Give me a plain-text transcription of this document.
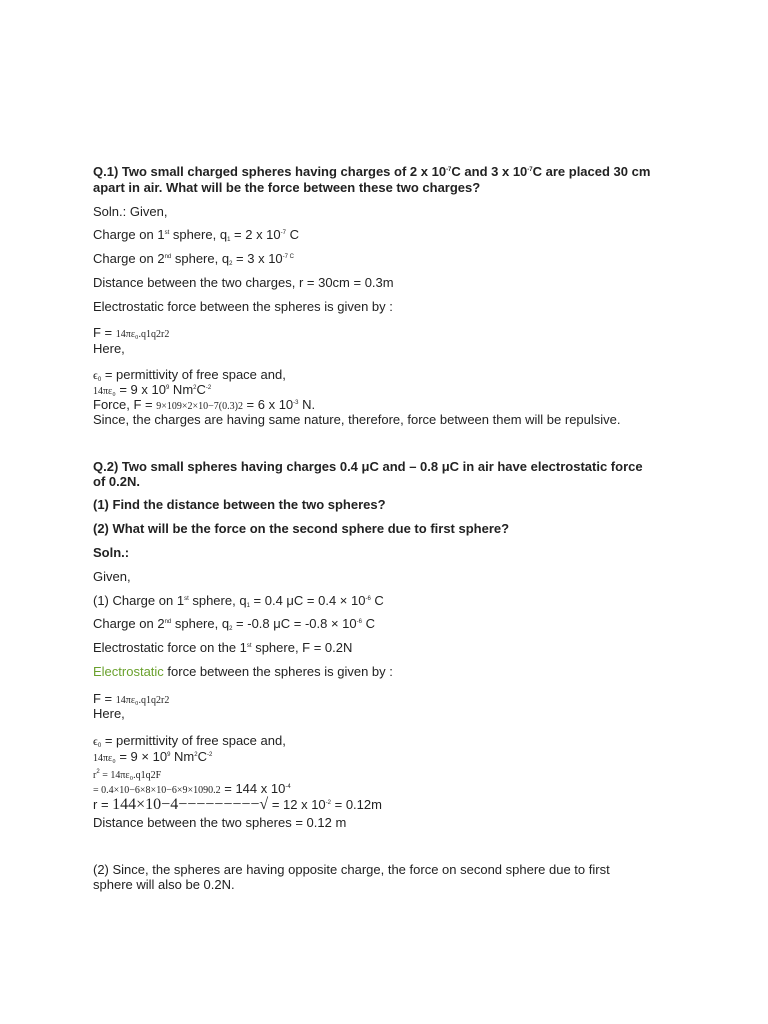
Q.1) Two small charged spheres having charges of 2 x $10^{-7}C$ and 3 x $10^{-7}C$ are placed 30 cm
apart in air. What will be the force between these two charges?
Soln.: Given,
Charge on 1st sphere, q1 = 2 x $10^{-7}$ C
Charge on 2nd sphere, q2 = 3 x $10^{-7 C}$
Distance between the two charges, r = 30cm = 0.3m
Electrostatic force between the spheres is given by :
F = 14πε₀.q1q2r2
Here,
ϵ0 = permittivity of free space and,
14πε₀ = 9 x $10^9$ $Nm^2C^{-2}$
Force, F = 9×109×2×10−7(0.3)2 = 6 x $10^{-3}$ N.
Since, the charges are having same nature, therefore, force between them will be repulsive.
Q.2) Two small spheres having charges 0.4 μC and – 0.8 μC in air have electrostatic force
of 0.2N.
(1) Find the distance between the two spheres?
(2) What will be the force on the second sphere due to first sphere?
Soln.:
Given,
(1) Charge on 1st sphere, q1 = 0.4 $\mu C = 0.4 \times 10^{-6}$ C
Charge on 2nd sphere, q2 = -0.8 $\mu C = -0.8 \times 10^{-6}$ C
Electrostatic force on the 1st sphere, F = 0.2N
Electrostatic force between the spheres is given by :
F = 14πε₀.q1q2r2
Here,
ϵ0 = permittivity of free space and,
$14\pi\varepsilon_0 = 9 \times 10^9$ $Nm^2C^{-2}$
$r^2 = 14\pi\varepsilon_0.q1q2F$
= 0.4×10−6×8×10−6×9×1090.2 = 144 x $10^{-4}$
r = 144×10−4−−−−−−−−−√ = 12 x $10^{-2} = 0.12m$
Distance between the two spheres = 0.12 m
(2) Since, the spheres are having opposite charge, the force on second sphere due to first
sphere will also be 0.2N.
